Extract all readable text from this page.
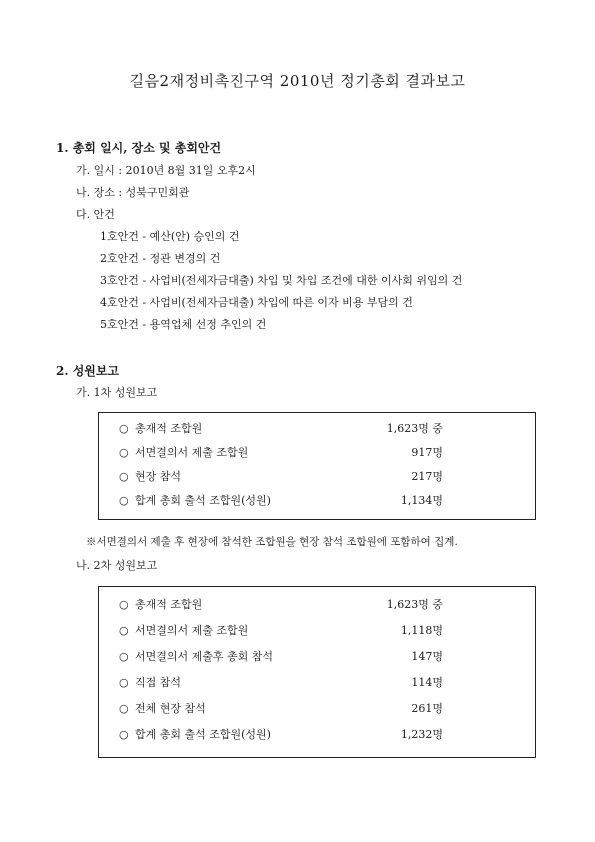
길음2재정비촉진구역 2010년 정기총회 결과보고
1. 총회 일시, 장소 및 총회안건
가. 일시 : 2010년 8월 31일 오후2시
나. 장소 : 성북구민회관
다. 안건
1호안건 - 예산(안) 승인의 건
2호안건 - 정관 변경의 건
3호안건 - 사업비(전세자금대출) 차입 및 차입 조건에 대한 이사회 위임의 건
4호안건 - 사업비(전세자금대출) 차입에 따른 이자 비용 부담의 건
5호안건 - 용역업체 선정 추인의 건
2. 성원보고
가. 1차 성원보고
○ 총재적 조합원	1,623명 중
○ 서면결의서 제출 조합원	917명
○ 현장 참석	217명
○ 합계 총회 출석 조합원(성원)	1,134명
※서면결의서 제출 후 현장에 참석한 조합원을 현장 참석 조합원에 포함하여 집계.
나. 2차 성원보고
○ 총재적 조합원	1,623명 중
○ 서면결의서 제출 조합원	1,118명
○ 서면결의서 제출후 총회 참석	147명
○ 직접 참석	114명
○ 전체 현장 참석	261명
○ 합계 총회 출석 조합원(성원)	1,232명
